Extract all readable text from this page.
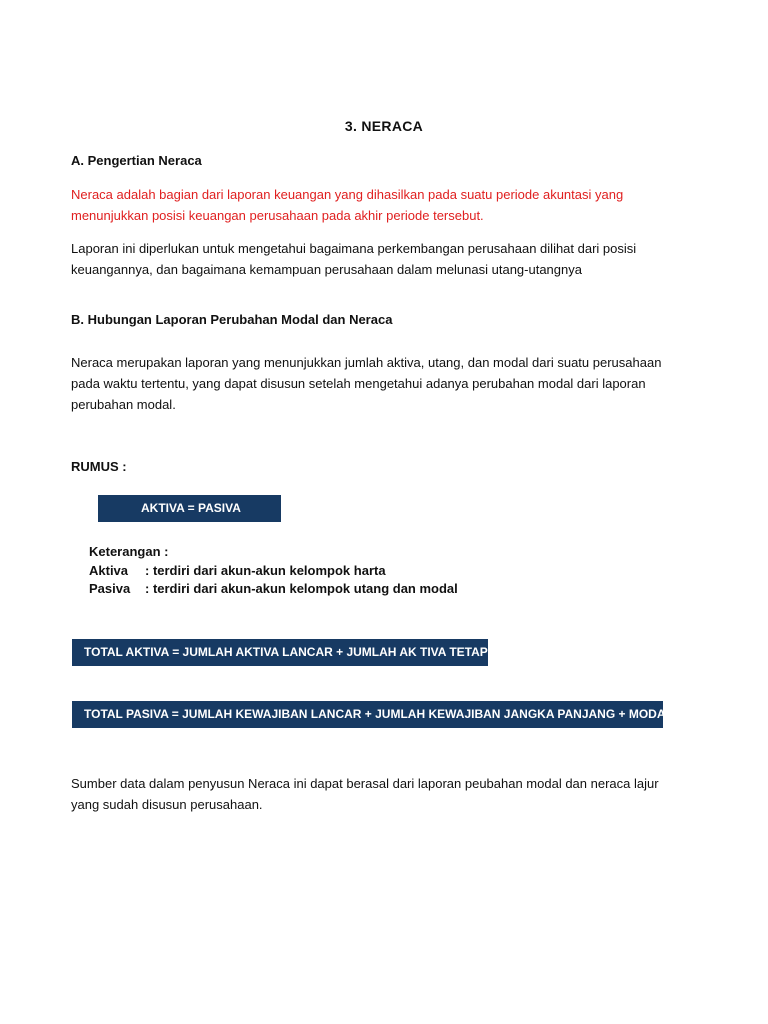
3. NERACA
A. Pengertian Neraca
Neraca adalah bagian dari laporan keuangan yang dihasilkan pada suatu periode akuntasi yang
menunjukkan posisi keuangan perusahaan pada akhir periode tersebut.
Laporan ini diperlukan untuk mengetahui bagaimana perkembangan perusahaan dilihat dari posisi
keuangannya, dan bagaimana kemampuan perusahaan dalam melunasi utang-utangnya
B. Hubungan Laporan Perubahan Modal dan Neraca
Neraca merupakan laporan yang menunjukkan jumlah aktiva, utang, dan modal dari suatu perusahaan
pada waktu tertentu, yang dapat disusun setelah mengetahui adanya perubahan modal dari laporan
perubahan modal.
RUMUS :
AKTIVA = PASIVA
Keterangan :
Aktiva : terdiri dari akun-akun kelompok harta
Pasiva : terdiri dari akun-akun kelompok utang dan modal
TOTAL AKTIVA = JUMLAH AKTIVA LANCAR + JUMLAH AK TIVA TETAP
TOTAL PASIVA = JUMLAH KEWAJIBAN LANCAR + JUMLAH KEWAJIBAN JANGKA PANJANG + MODAL
Sumber data dalam penyusun Neraca ini dapat berasal dari laporan peubahan modal dan neraca lajur
yang sudah disusun perusahaan.
